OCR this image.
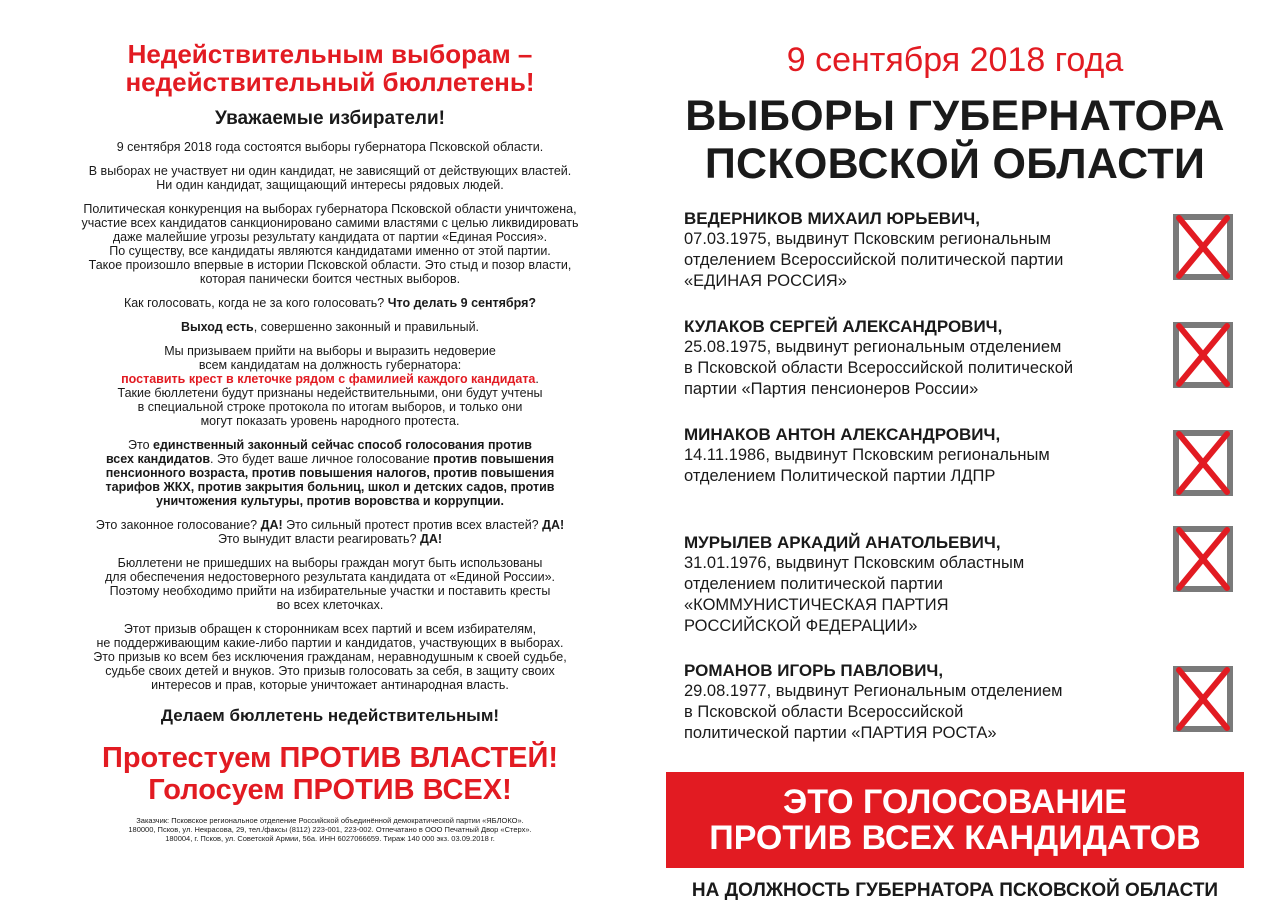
Недействительным выборам –
недействительный бюллетень!
Уважаемые избиратели!
9 сентября 2018 года состоятся выборы губернатора Псковской области.
В выборах не участвует ни один кандидат, не зависящий от действующих властей.
Ни один кандидат, защищающий интересы рядовых людей.
Политическая конкуренция на выборах губернатора Псковской области уничтожена,
участие всех кандидатов санкционировано самими властями с целью ликвидировать
даже малейшие угрозы результату кандидата от партии «Единая Россия».
По существу, все кандидаты являются кандидатами именно от этой партии.
Такое произошло впервые в истории Псковской области. Это стыд и позор власти,
которая панически боится честных выборов.
Как голосовать, когда не за кого голосовать? Что делать 9 сентября?
Выход есть, совершенно законный и правильный.
Мы призываем прийти на выборы и выразить недоверие
всем кандидатам на должность губернатора:
поставить крест в клеточке рядом с фамилией каждого кандидата.
Такие бюллетени будут признаны недействительными, они будут учтены
в специальной строке протокола по итогам выборов, и только они
могут показать уровень народного протеста.
Это единственный законный сейчас способ голосования против
всех кандидатов. Это будет ваше личное голосование против повышения
пенсионного возраста, против повышения налогов, против повышения
тарифов ЖКХ, против закрытия больниц, школ и детских садов, против
уничтожения культуры, против воровства и коррупции.
Это законное голосование? ДА! Это сильный протест против всех властей? ДА!
Это вынудит власти реагировать? ДА!
Бюллетени не пришедших на выборы граждан могут быть использованы
для обеспечения недостоверного результата кандидата от «Единой России».
Поэтому необходимо прийти на избирательные участки и поставить кресты
во всех клеточках.
Этот призыв обращен к сторонникам всех партий и всем избирателям,
не поддерживающим какие-либо партии и кандидатов, участвующих в выборах.
Это призыв ко всем без исключения гражданам, неравнодушным к своей судьбе,
судьбе своих детей и внуков. Это призыв голосовать за себя, в защиту своих
интересов и прав, которые уничтожает антинародная власть.
Делаем бюллетень недействительным!
Протестуем ПРОТИВ ВЛАСТЕЙ!
Голосуем ПРОТИВ ВСЕХ!
Заказчик: Псковское региональное отделение Российской объединённой демократической партии «ЯБЛОКО».
180000, Псков, ул. Некрасова, 29, тел./факсы (8112) 223-001, 223-002. Отпечатано в ООО Печатный Двор «Стерх».
180004, г. Псков, ул. Советской Армии, 56а. ИНН 6027066659. Тираж 140 000 экз. 03.09.2018 г.
9 сентября 2018 года
ВЫБОРЫ ГУБЕРНАТОРА
ПСКОВСКОЙ ОБЛАСТИ
ВЕДЕРНИКОВ МИХАИЛ ЮРЬЕВИЧ,
07.03.1975, выдвинут Псковским региональным
отделением Всероссийской политической партии
«ЕДИНАЯ РОССИЯ»
КУЛАКОВ СЕРГЕЙ АЛЕКСАНДРОВИЧ,
25.08.1975, выдвинут региональным отделением
в Псковской области Всероссийской политической
партии «Партия пенсионеров России»
МИНАКОВ АНТОН АЛЕКСАНДРОВИЧ,
14.11.1986, выдвинут Псковским региональным
отделением Политической партии ЛДПР
МУРЫЛЕВ АРКАДИЙ АНАТОЛЬЕВИЧ,
31.01.1976, выдвинут Псковским областным
отделением политической партии
«КОММУНИСТИЧЕСКАЯ ПАРТИЯ
РОССИЙСКОЙ ФЕДЕРАЦИИ»
РОМАНОВ ИГОРЬ ПАВЛОВИЧ,
29.08.1977, выдвинут Региональным отделением
в Псковской области Всероссийской
политической партии «ПАРТИЯ РОСТА»
ЭТО ГОЛОСОВАНИЕ
ПРОТИВ ВСЕХ КАНДИДАТОВ
НА ДОЛЖНОСТЬ ГУБЕРНАТОРА ПСКОВСКОЙ ОБЛАСТИ
